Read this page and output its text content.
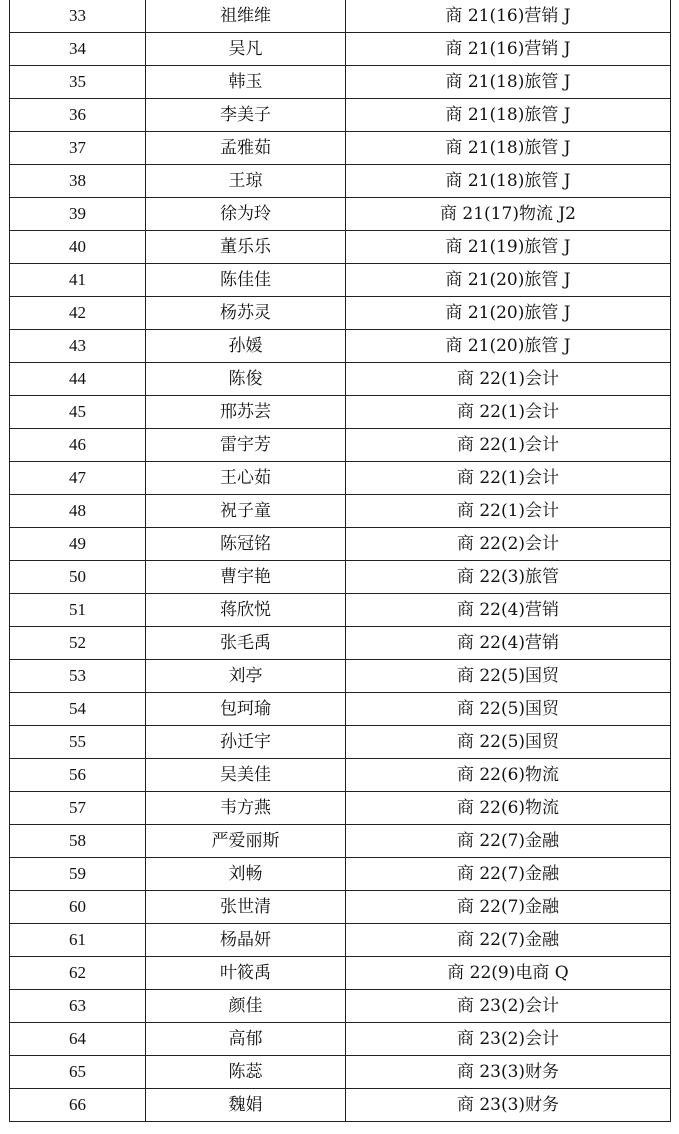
33	祖维维	商 21(16)营销 J
34	吴凡	商 21(16)营销 J
35	韩玉	商 21(18)旅管 J
36	李美子	商 21(18)旅管 J
37	孟雅茹	商 21(18)旅管 J
38	王琼	商 21(18)旅管 J
39	徐为玲	商 21(17)物流 J2
40	董乐乐	商 21(19)旅管 J
41	陈佳佳	商 21(20)旅管 J
42	杨苏灵	商 21(20)旅管 J
43	孙媛	商 21(20)旅管 J
44	陈俊	商 22(1)会计
45	邢苏芸	商 22(1)会计
46	雷宇芳	商 22(1)会计
47	王心茹	商 22(1)会计
48	祝子童	商 22(1)会计
49	陈冠铭	商 22(2)会计
50	曹宇艳	商 22(3)旅管
51	蒋欣悦	商 22(4)营销
52	张毛禹	商 22(4)营销
53	刘亭	商 22(5)国贸
54	包珂瑜	商 22(5)国贸
55	孙迁宇	商 22(5)国贸
56	吴美佳	商 22(6)物流
57	韦方燕	商 22(6)物流
58	严爱丽斯	商 22(7)金融
59	刘畅	商 22(7)金融
60	张世清	商 22(7)金融
61	杨晶妍	商 22(7)金融
62	叶筱禹	商 22(9)电商 Q
63	颜佳	商 23(2)会计
64	高郁	商 23(2)会计
65	陈蕊	商 23(3)财务
66	魏娟	商 23(3)财务
